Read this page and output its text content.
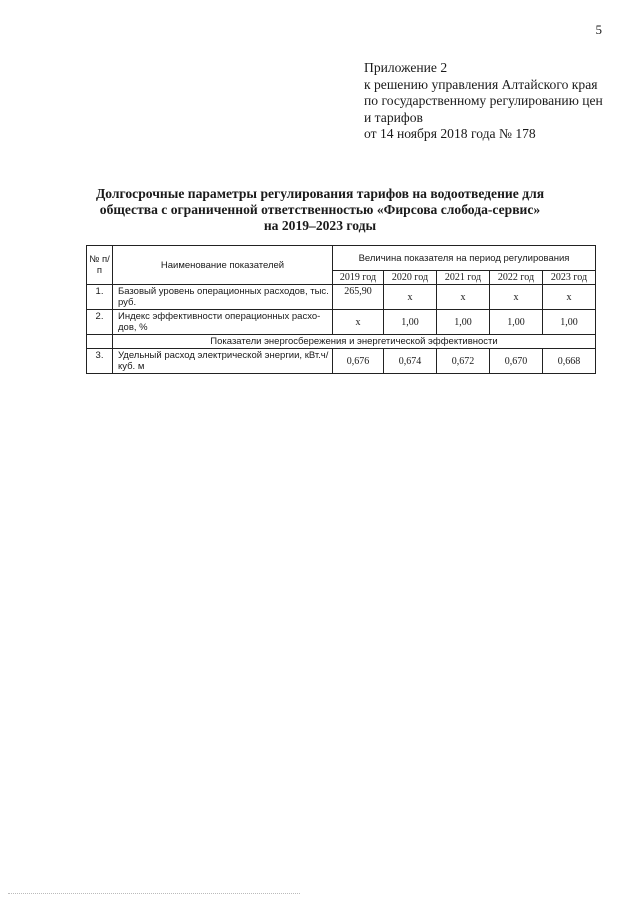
5
Приложение 2
к решению управления Алтайского края
по государственному регулированию цен
и тарифов
от 14 ноября 2018 года № 178
Долгосрочные параметры регулирования тарифов на водоотведение для
общества с ограниченной ответственностью «Фирсова слобода-сервис»
на 2019–2023 годы
№ п/п	Наименование показателей	Величина показателя на период регулирования				
		2019 год	2020 год	2021 год	2022 год	2023 год
1.	Базовый уровень операционных расходов, тыс. руб.	265,90	х	х	х	х
2.	Индекс эффективности операционных расхо-дов, %	х	1,00	1,00	1,00	1,00
	Показатели энергосбережения и энергетической эффективности					
3.	Удельный расход электрической энергии, кВт.ч/куб. м	0,676	0,674	0,672	0,670	0,668
